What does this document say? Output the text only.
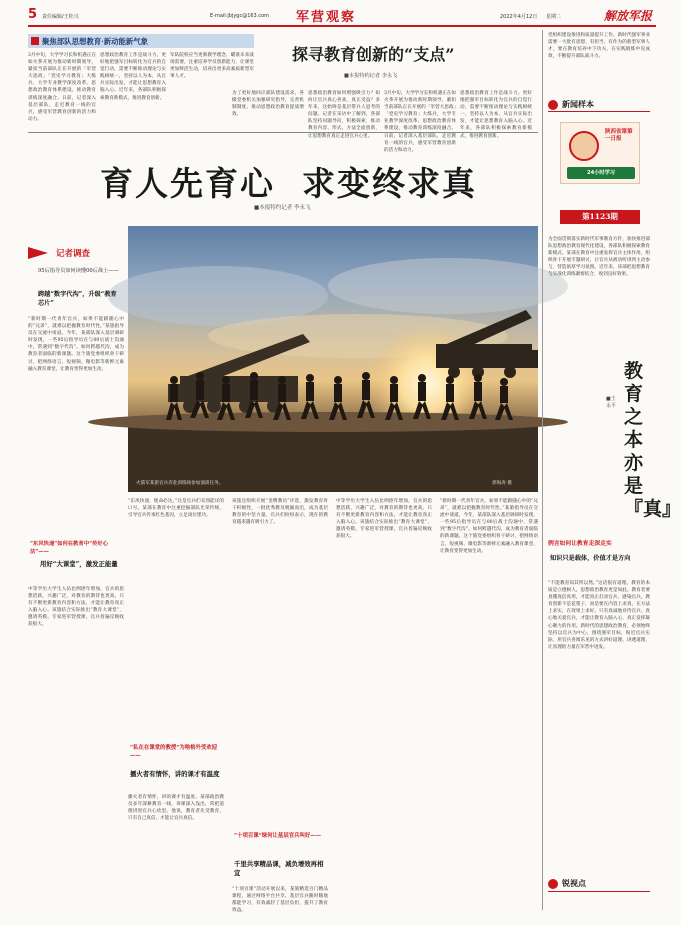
5 责任编辑/王牡兴	E-mail:jbjygc@163.com 军营观察	2022年4月12日 星期二	解放军报
聚焦部队思想教育·新动能新气象
3月中旬，大学学习长和机遇正在如火荼开展为推动新时期领导，紧扣当前部队正在开展的「军营大思政」「党史学习教育」大练兵，大学专业教学深度改革、思想政治教育体系建设，推动教育训练深度融合。日前，记者深入基层部队，走近教育一线的官兵，感受军营教育创新的活力和动力。
思想政治教育工作是战斗力。更好地把强军目标转化为官兵的自觉行动，需要不断推动理论与实践相统一，坚持以人为本，从官兵实际出发，才能让思想教育入脑入心。近年来，各部队积极探索教育新模式，推进教育创新。
军队院校应当更新教学理念，瞄准未来战场需要，注重培养学员创新能力，让课堂更加鲜活生动，培养出更多高素质新型军事人才。
探寻教育创新的“支点”
■本报特约记者 李永飞
为了更好地回应部队建设需求，各级党委机关加强研究指导，完善机制制度，推动思想政治教育提质增效。
思想政治教育如何增强吸引力？如何让官兵真心喜欢、真正受益？多年来，这始终是基层带兵人思考的问题。记者在采访中了解到，各部队坚持问题导向，积极探索，推动教育内容、形式、方法全面创新，让思想教育真正走进官兵心里。
3月中旬，大学学习长和机遇正在如火荼开展为推动新时期领导，紧扣当前部队正在开展的「军营大思政」「党史学习教育」大练兵，大学专业教学深度改革、思想政治教育体系建设，推动教育训练深度融合。日前，记者深入基层部队，走近教育一线的官兵，感受军营教育创新的活力和动力。
思想政治教育工作是战斗力。更好地把强军目标转化为官兵的自觉行动，需要不断推动理论与实践相统一，坚持以人为本，从官兵实际出发，才能让思想教育入脑入心。近年来，各部队积极探索教育新模式，推进教育创新。
育人先育心  求变终求真
■本报特约记者 李永飞
火箭军某旅官兵奔赴训练场参加演训任务。	郭海涛 摄
记者调查
95后指导员如何读懂00后战士——
跨越“数字代沟”，升级“教育芯片”
“新时期一代青年官兵，如果不能跟随心中的“兄弟”，就难以把握教育时代性。”某旅指导员在交流中谈道。今年，某部队深入基层调研时发现，一些95后指导员在与00后战士沟通中，常遇到“数字代沟”。如何跨越代沟，成为教育者面临的新课题。这个旅党委组织骨干研讨，把网络语言、短视频、微电影等新鲜元素融入教育课堂，让教育变得更加生动。
“东风快递”如何在教育中“传好心法”——
用好“大课堂”，激发正能量
中等学历大学生入伍比例逐年增加，官兵的思想活跃，兴趣广泛，对教育的期待也更高。只有不断更新教育内容和方法，才能让教育真正入脑入心。该旅结合实际推出“教育大课堂”，邀请英模、专家进军营授课，官兵普遍反映收获很大。
“东风快递，使命必达。”这是官兵们耳熟能详的口号。某部在教育中注重挖掘部队光荣传统，引导官兵传承红色基因，立足岗位建功。
“私在在课堂的教授”为啥格外受欢迎——
播火者有情怀，讲的课才有温度
播火者有情怀，讲的课才有温度。某部政治教员多年深耕教育一线，讲课深入浅出，常把道理讲进官兵心坎里。他说，教育者先受教育，只有自己真信，才能让官兵真信。
该旅还组织开展“金牌教员”评选，激发教育骨干积极性，一批优秀教员脱颖而出，成为基层教育的中坚力量。官兵们纷纷表示，现在的教育越来越有吸引力了。
“十项百课”绿何让基层官兵叫好——
千里共享精品课，减负增效再相宜
“十项百课”活动开展以来，某旅精选百门精品课程，通过网络平台共享，基层官兵随时随地都能学习，有效减轻了基层负担，提升了教育效益。
中等学历大学生入伍比例逐年增加，官兵的思想活跃，兴趣广泛，对教育的期待也更高。只有不断更新教育内容和方法，才能让教育真正入脑入心。该旅结合实际推出“教育大课堂”，邀请英模、专家进军营授课，官兵普遍反映收获很大。
“新时期一代青年官兵，如果不能跟随心中的“兄弟”，就难以把握教育时代性。”某旅指导员在交流中谈道。今年，某部队深入基层调研时发现，一些95后指导员在与00后战士沟通中，常遇到“数字代沟”。如何跨越代沟，成为教育者面临的新课题。这个旅党委组织骨干研讨，把网络语言、短视频、微电影等新鲜元素融入教育课堂，让教育变得更加生动。
党组织建设推进和质量提升工作。新时代强军事业需要一大批有思想、有担当、有作为的新型军事人才，要在教育培养中下功夫，在实践锻炼中见成效，不断提升部队战斗力。
新闻样本
陕西省第第一日报
24小时学习
第1123期
为全面贯彻落实新时代军事教育方针，加快推进部队思想政治教育现代化建设，各部队积极探索教育新模式。某部在教育中注重发挥官兵主体作用，组织骨干开展专题研讨，让官兵从被动听讲到主动参与，营造浓厚学习氛围。近年来，该部把思想教育与实战化训练紧密结合，收到良好效果。
教育之本亦是『真』
■王永平
例言如何让教育走深走实
知识只是载体，价值才是方向
“不能教育知其所以然。”这话很有道理。教育的本质是立德树人，思想政治教育更是如此。教育者要真懂真信真用，才能真正打动官兵、感染官兵。教育创新不是花架子，而是要在内容上求真，在方法上求实，在效果上求好。只有真诚地对待官兵、真心地关爱官兵，才能让教育入脑入心，真正发挥凝心聚力的作用。新时代的思想政治教育，必须始终坚持以官兵为中心，围绕强军目标，贴近官兵实际，用官兵喜闻乐见的方式讲好道理、讲透道理，让真理的力量在军营中迸发。
锐视点
